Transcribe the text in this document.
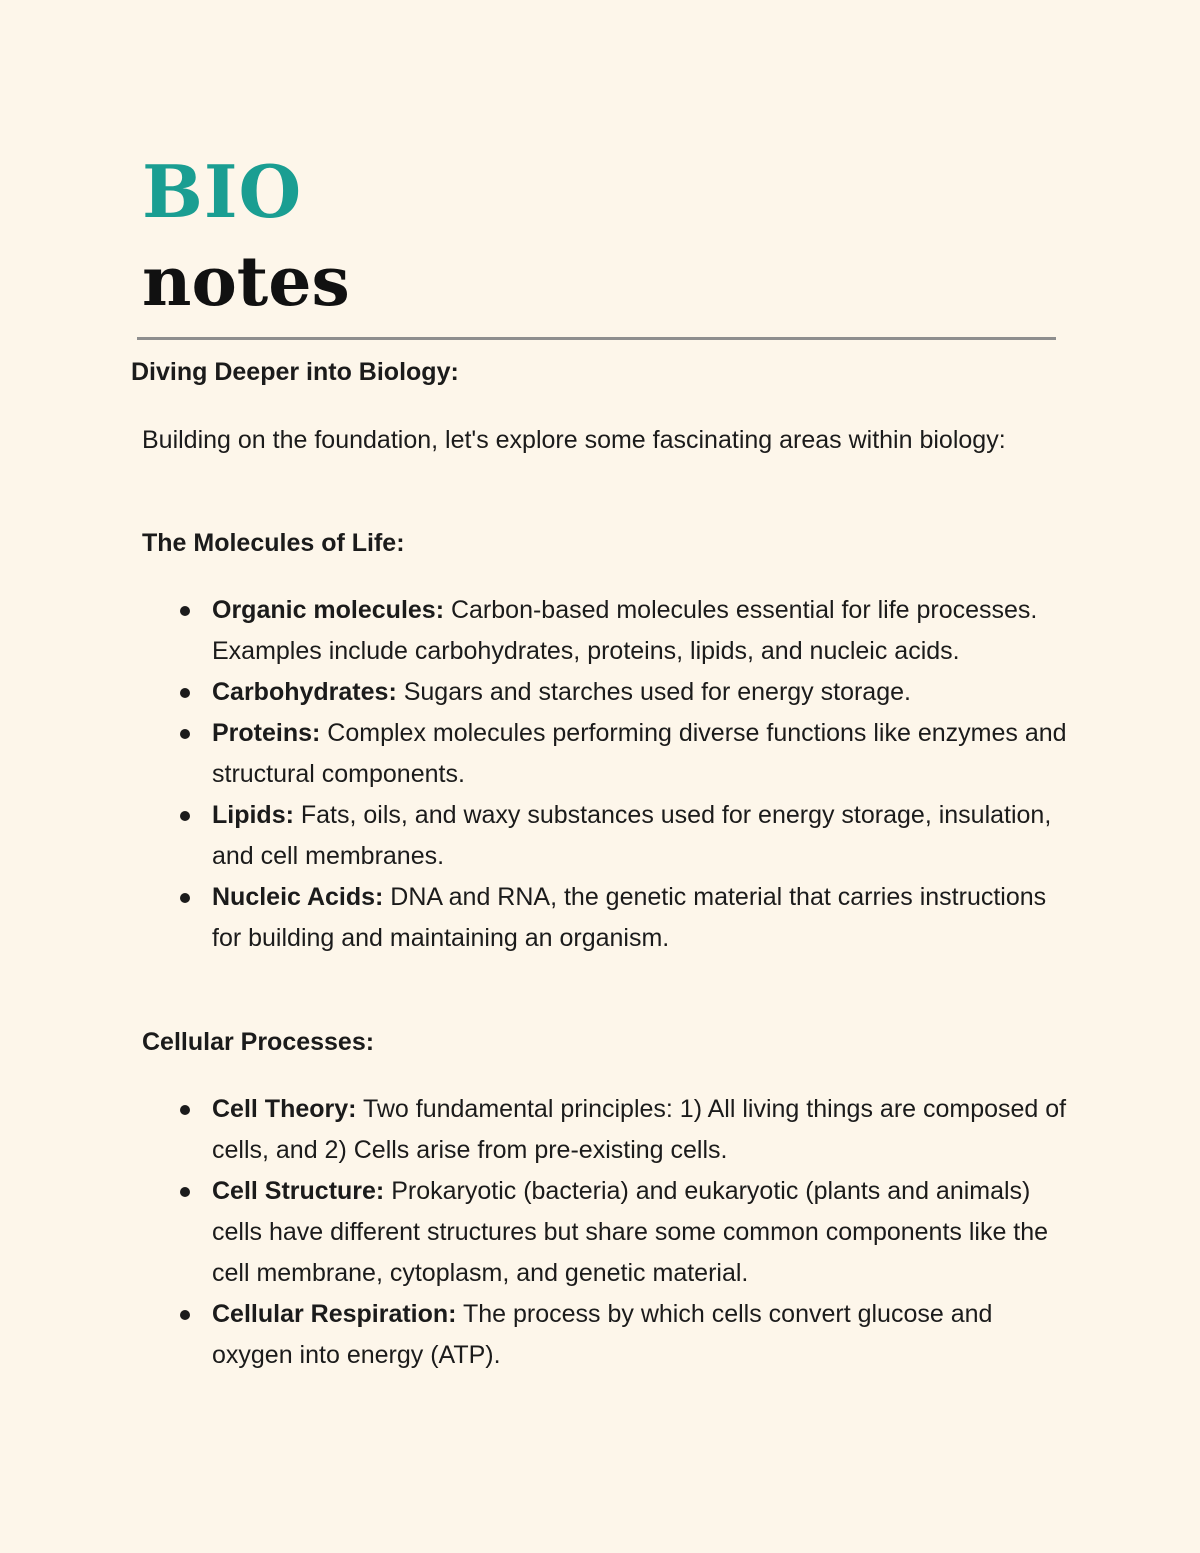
BIO
notes
Diving Deeper into Biology:

Building on the foundation, let's explore some fascinating areas within biology:

The Molecules of Life:
Organic molecules: Carbon-based molecules essential for life processes. Examples include carbohydrates, proteins, lipids, and nucleic acids.
Carbohydrates: Sugars and starches used for energy storage.
Proteins: Complex molecules performing diverse functions like enzymes and structural components.
Lipids: Fats, oils, and waxy substances used for energy storage, insulation, and cell membranes.
Nucleic Acids: DNA and RNA, the genetic material that carries instructions for building and maintaining an organism.
Cellular Processes:
Cell Theory: Two fundamental principles: 1) All living things are composed of cells, and 2) Cells arise from pre-existing cells.
Cell Structure: Prokaryotic (bacteria) and eukaryotic (plants and animals) cells have different structures but share some common components like the cell membrane, cytoplasm, and genetic material.
Cellular Respiration: The process by which cells convert glucose and oxygen into energy (ATP).
